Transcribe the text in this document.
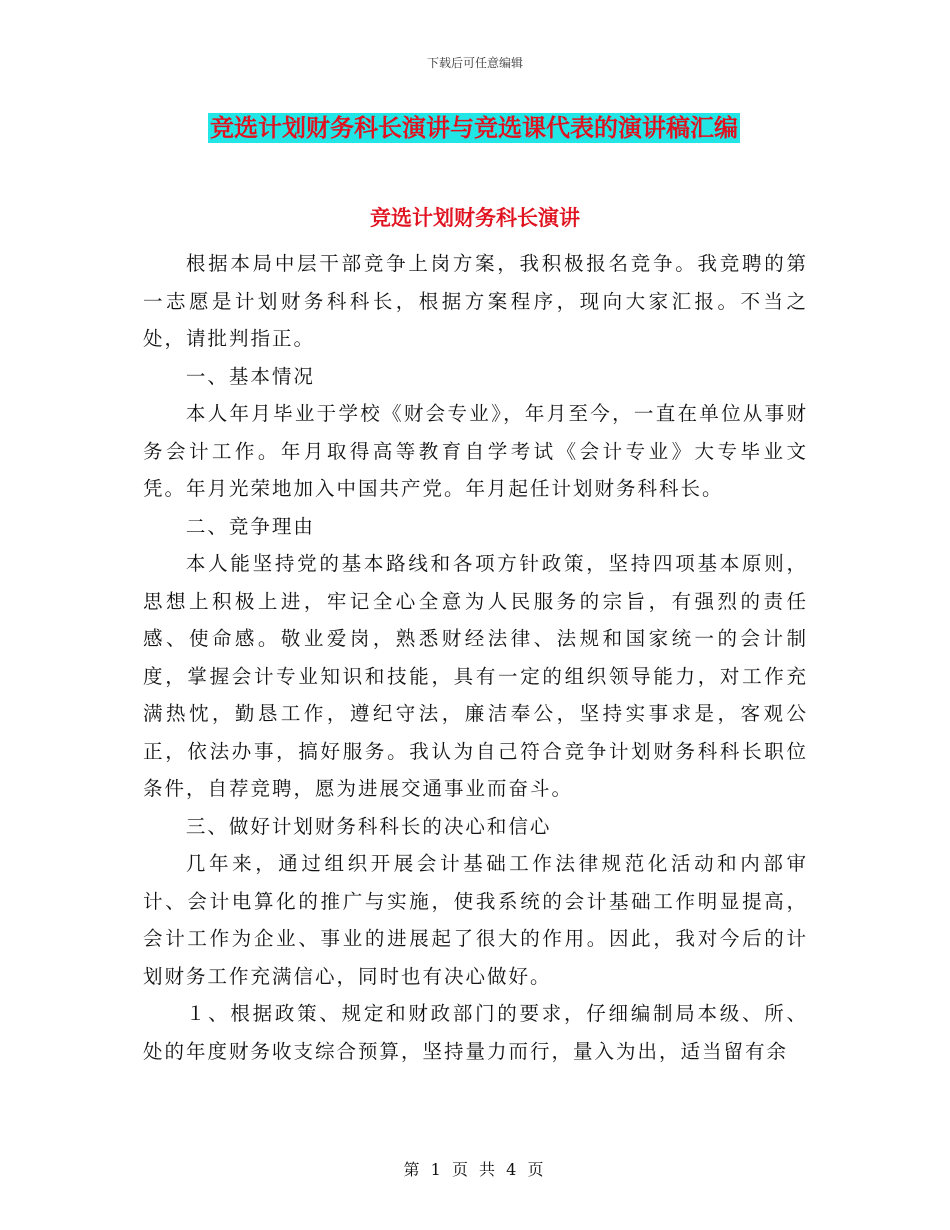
下载后可任意编辑
竞选计划财务科长演讲与竞选课代表的演讲稿汇编
竞选计划财务科长演讲

根据本局中层干部竞争上岗方案，我积极报名竞争。我竞聘的第一志愿是计划财务科科长，根据方案程序，现向大家汇报。不当之处，请批判指正。

一、基本情况

本人年月毕业于学校《财会专业》，年月至今，一直在单位从事财务会计工作。年月取得高等教育自学考试《会计专业》大专毕业文凭。年月光荣地加入中国共产党。年月起任计划财务科科长。

二、竞争理由

本人能坚持党的基本路线和各项方针政策，坚持四项基本原则，思想上积极上进，牢记全心全意为人民服务的宗旨，有强烈的责任感、使命感。敬业爱岗，熟悉财经法律、法规和国家统一的会计制度，掌握会计专业知识和技能，具有一定的组织领导能力，对工作充满热忱，勤恳工作，遵纪守法，廉洁奉公，坚持实事求是，客观公正，依法办事，搞好服务。我认为自己符合竞争计划财务科科长职位条件，自荐竞聘，愿为进展交通事业而奋斗。

三、做好计划财务科科长的决心和信心

几年来，通过组织开展会计基础工作法律规范化活动和内部审计、会计电算化的推广与实施，使我系统的会计基础工作明显提高，会计工作为企业、事业的进展起了很大的作用。因此，我对今后的计划财务工作充满信心，同时也有决心做好。

１、根据政策、规定和财政部门的要求，仔细编制局本级、所、处的年度财务收支综合预算，坚持量力而行，量入为出，适当留有余

第 1 页 共 4 页
